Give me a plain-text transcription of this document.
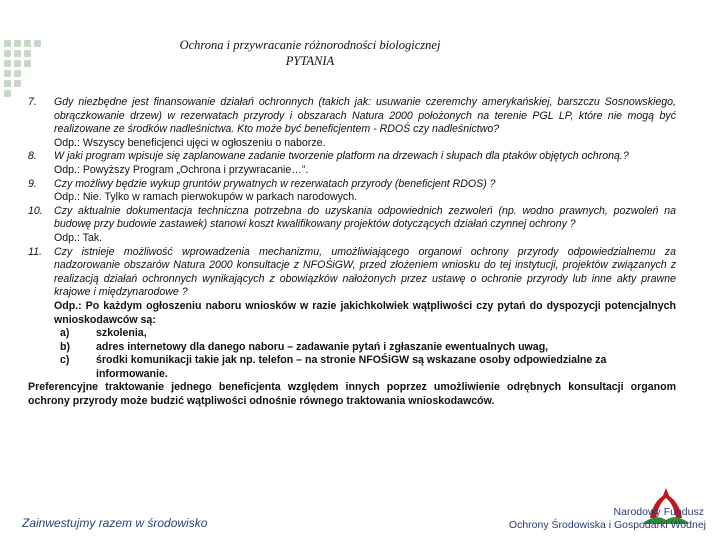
Ochrona i przywracanie różnorodności biologicznej
PYTANIA
7. Gdy niezbędne jest finansowanie działań ochronnych (takich jak: usuwanie czeremchy amerykańskiej, barszczu Sosnowskiego, obrączkowanie drzew) w rezerwatach przyrody i obszarach Natura 2000 położonych na terenie PGL LP, które nie mogą być realizowane ze środków nadleśnictwa. Kto może być beneficjentem - RDOŚ czy nadleśnictwo?
Odp.: Wszyscy beneficjenci ujęci w ogłoszeniu o naborze.
8. W jaki program wpisuje się zaplanowane zadanie tworzenie platform na drzewach i słupach dla ptaków objętych ochroną.?
Odp.: Powyższy Program „Ochrona i przywracanie…”.
9. Czy możliwy będzie wykup gruntów prywatnych w rezerwatach przyrody (beneficjent RDOS) ?
Odp.: Nie. Tylko w ramach pierwokupów w parkach narodowych.
10. Czy aktualnie dokumentacja techniczna potrzebna do uzyskania odpowiednich zezwoleń (np. wodno prawnych, pozwoleń na budowę przy budowie zastawek) stanowi koszt kwalifikowany projektów dotyczących działań czynnej ochrony ?
Odp.: Tak.
11. Czy istnieje możliwość wprowadzenia mechanizmu, umożliwiającego organowi ochrony przyrody odpowiedzialnemu za nadzorowanie obszarów Natura 2000 konsultacje z NFOŚiGW, przed złożeniem wniosku do tej instytucji, projektów związanych z realizacją działań ochronnych wynikających z obowiązków nałożonych przez ustawę o ochronie przyrody lub inne akty prawne krajowe i międzynarodowe ?
Odp.: Po każdym ogłoszeniu naboru wniosków w razie jakichkolwiek wątpliwości czy pytań do dyspozycji potencjalnych wnioskodawców są:
a)	szkolenia,
b) adres internetowy dla danego naboru – zadawanie pytań i zgłaszanie ewentualnych uwag,
c)	środki komunikacji takie jak np. telefon – na stronie NFOŚiGW są wskazane osoby odpowiedzialne za informowanie.
Preferencyjne traktowanie jednego beneficjenta względem innych poprzez umożliwienie odrębnych konsultacji organom ochrony przyrody może budzić wątpliwości odnośnie równego traktowania wnioskodawców.
Zainwestujmy razem w środowisko
Narodowy Fundusz
Ochrony Środowiska i Gospodarki Wodnej
